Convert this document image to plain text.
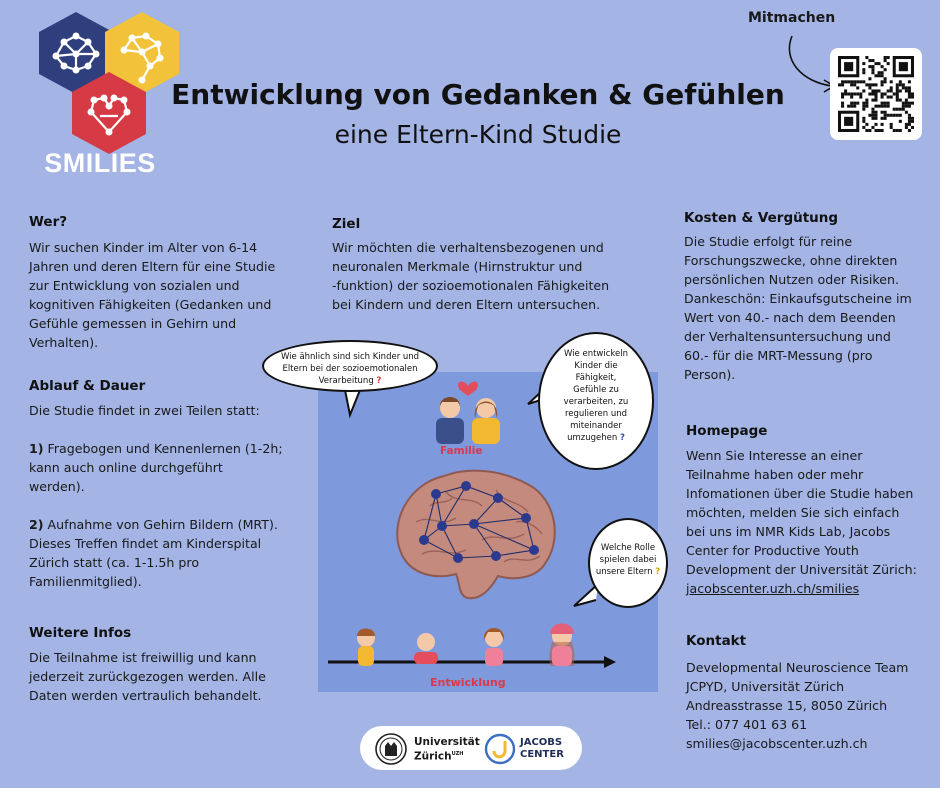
SMILIES
Entwicklung von Gedanken & Gefühlen
eine Eltern-Kind Studie
Mitmachen
Wer?
Wir suchen Kinder im Alter von 6-14
Jahren und deren Eltern für eine Studie
zur Entwicklung von sozialen und
kognitiven Fähigkeiten (Gedanken und
Gefühle gemessen in Gehirn und
Verhalten).
Ablauf & Dauer
Die Studie findet in zwei Teilen statt:
1) Fragebogen und Kennenlernen (1-2h;
kann auch online durchgeführt
werden).
2) Aufnahme von Gehirn Bildern (MRT).
Dieses Treffen findet am Kinderspital
Zürich statt (ca. 1-1.5h pro
Familienmitglied).
Weitere Infos
Die Teilnahme ist freiwillig und kann
jederzeit zurückgezogen werden. Alle
Daten werden vertraulich behandelt.
Ziel
Wir möchten die verhaltensbezogenen und
neuronalen Merkmale (Hirnstruktur und
-funktion) der sozioemotionalen Fähigkeiten
bei Kindern und deren Eltern untersuchen.
Familie
Entwicklung
Wie ähnlich sind sich Kinder und
Eltern bei der sozioemotionalen
Verarbeitung ?
Wie entwickeln
Kinder die
Fähigkeit,
Gefühle zu
verarbeiten, zu
regulieren und
miteinander
umzugehen ?
Welche Rolle
spielen dabei
unsere Eltern ?
Kosten & Vergütung
Die Studie erfolgt für reine
Forschungszwecke, ohne direkten
persönlichen Nutzen oder Risiken.
Dankeschön: Einkaufsgutscheine im
Wert von 40.- nach dem Beenden
der Verhaltensuntersuchung und
60.- für die MRT-Messung (pro
Person).
Homepage
Wenn Sie Interesse an einer
Teilnahme haben oder mehr
Infomationen über die Studie haben
möchten, melden Sie sich einfach
bei uns im NMR Kids Lab, Jacobs
Center for Productive Youth
Development der Universität Zürich:
jacobscenter.uzh.ch/smilies
Kontakt
Developmental Neuroscience Team
JCPYD, Universität Zürich
Andreasstrasse 15, 8050 Zürich
Tel.: 077 401 63 61
smilies@jacobscenter.uzh.ch
Universität
Zürich$^{UZH}$
JACOBS
CENTER
